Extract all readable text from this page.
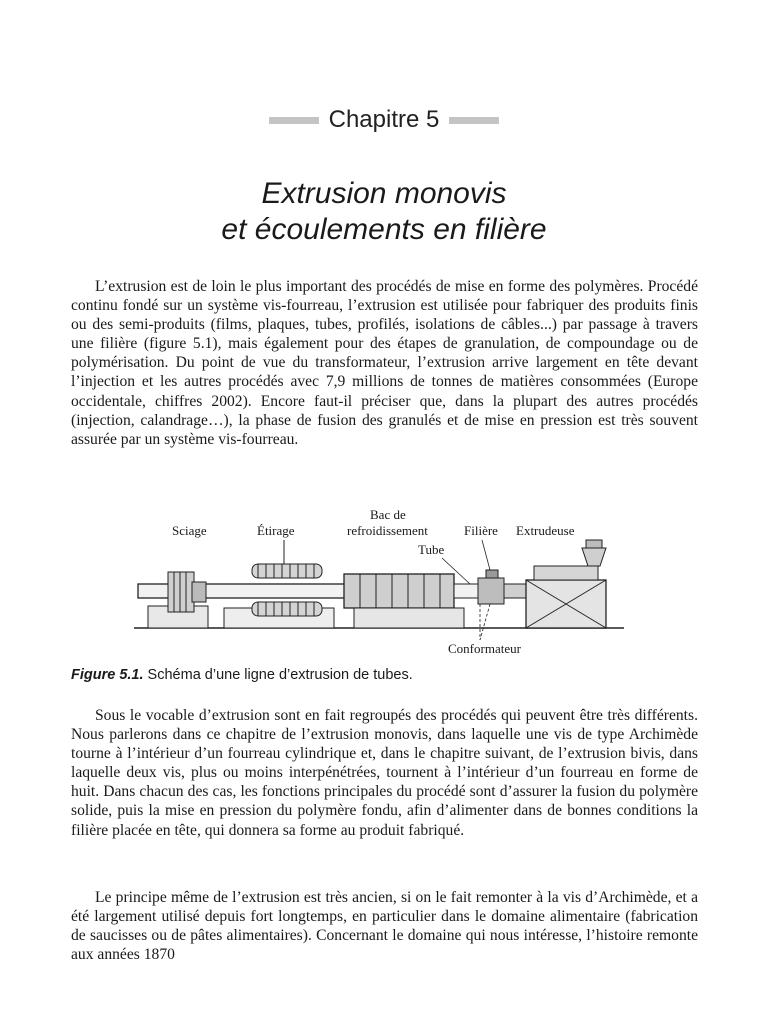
Chapitre 5
Extrusion monovis
et écoulements en filière

L’extrusion est de loin le plus important des procédés de mise en forme des polymères. Procédé continu fondé sur un système vis-fourreau, l’extrusion est utilisée pour fabriquer des produits finis ou des semi-produits (films, plaques, tubes, profilés, isolations de câbles...) par passage à travers une filière (figure 5.1), mais également pour des étapes de granulation, de compoundage ou de polymérisation. Du point de vue du transformateur, l’extrusion arrive largement en tête devant l’injection et les autres procédés avec 7,9 millions de tonnes de matières consommées (Europe occidentale, chiffres 2002). Encore faut-il préciser que, dans la plupart des autres procédés (injection, calandrage…), la phase de fusion des granulés et de mise en pression est très souvent assurée par un système vis-fourreau.

Sciage	Étirage
Bac de
refroidissement
Tube
Filière Extrudeuse
Conformateur
Figure 5.1. Schéma d’une ligne d’extrusion de tubes.

Sous le vocable d’extrusion sont en fait regroupés des procédés qui peuvent être très différents. Nous parlerons dans ce chapitre de l’extrusion monovis, dans laquelle une vis de type Archimède tourne à l’intérieur d’un fourreau cylindrique et, dans le chapitre suivant, de l’extrusion bivis, dans laquelle deux vis, plus ou moins interpénétrées, tournent à l’intérieur d’un fourreau en forme de huit. Dans chacun des cas, les fonctions principales du procédé sont d’assurer la fusion du polymère solide, puis la mise en pression du polymère fondu, afin d’alimenter dans de bonnes conditions la filière placée en tête, qui donnera sa forme au produit fabriqué.

Le principe même de l’extrusion est très ancien, si on le fait remonter à la vis d’Archimède, et a été largement utilisé depuis fort longtemps, en particulier dans le domaine alimentaire (fabrication de saucisses ou de pâtes alimentaires). Concernant le domaine qui nous intéresse, l’histoire remonte aux années 1870
